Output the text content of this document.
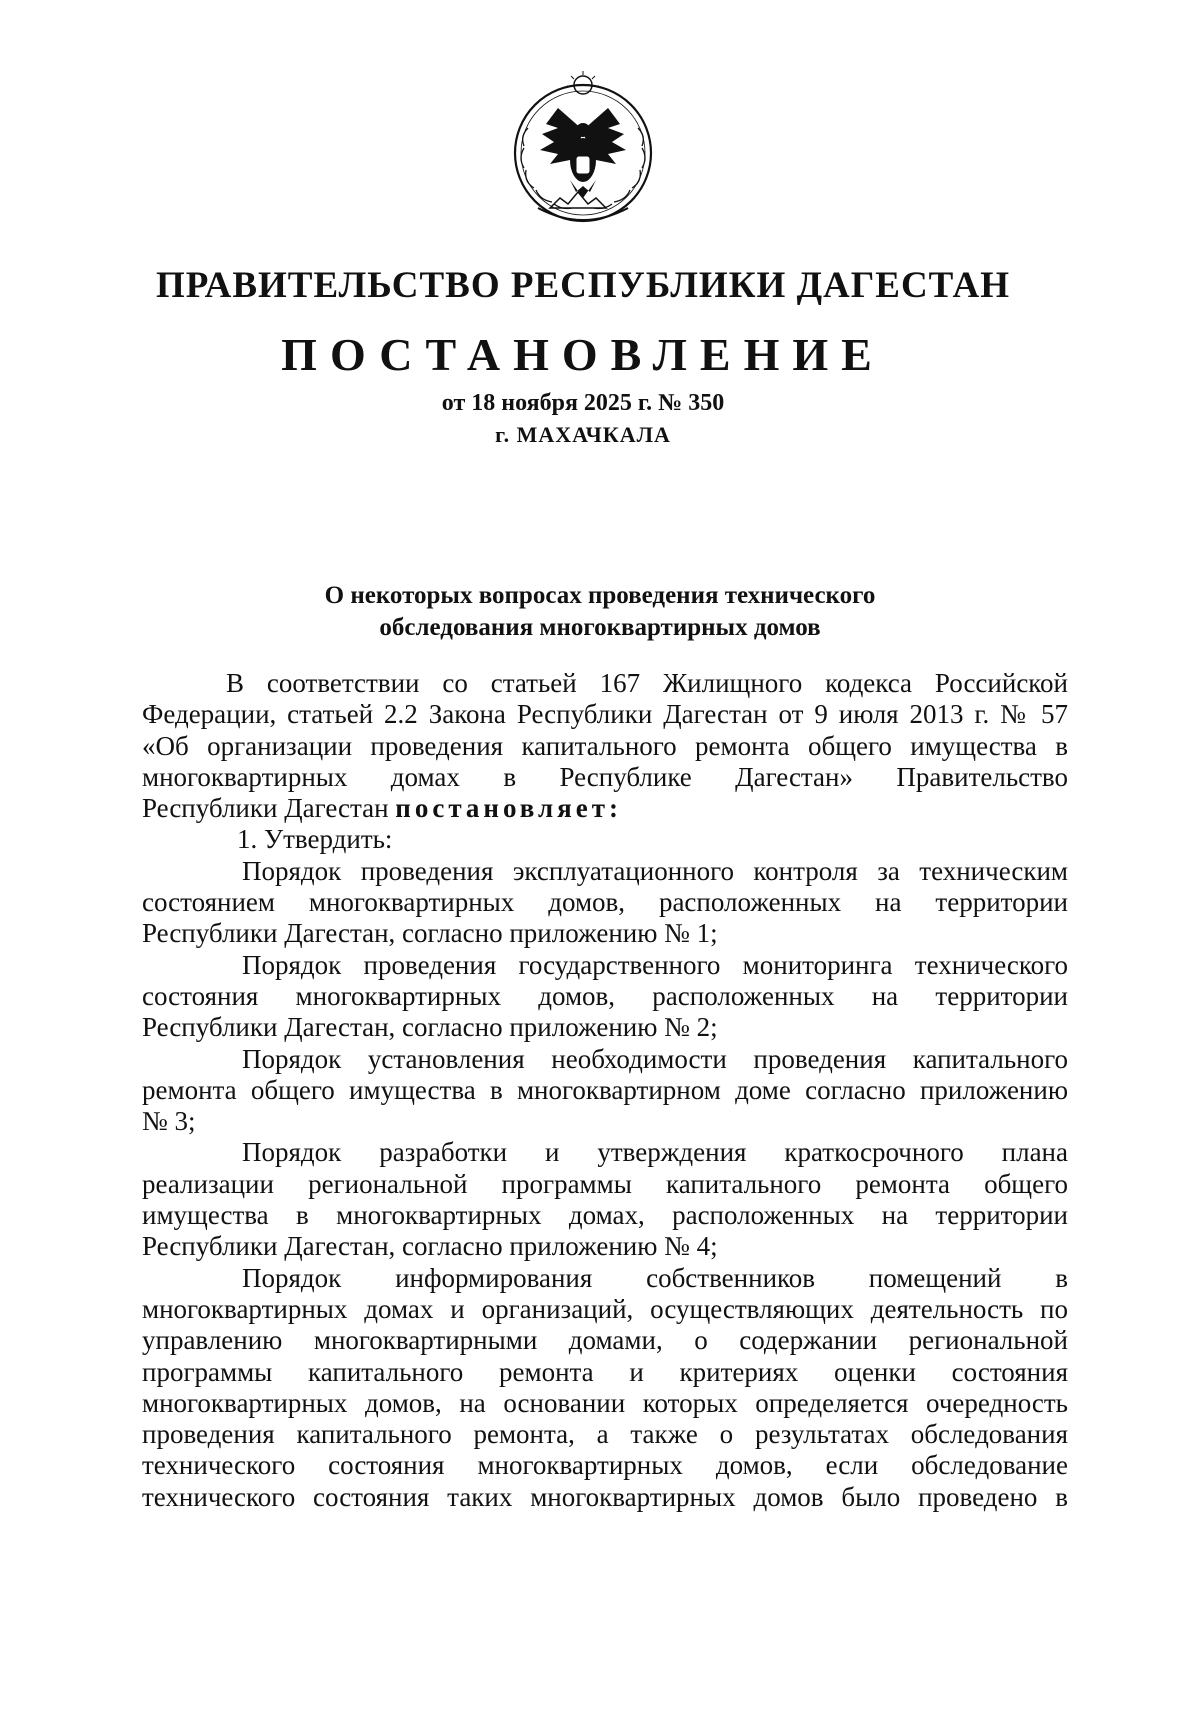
ПРАВИТЕЛЬСТВО РЕСПУБЛИКИ ДАГЕСТАН
ПОСТАНОВЛЕНИЕ
от 18 ноября 2025 г. № 350
г. МАХАЧКАЛА
О некоторых вопросах проведения технического
обследования многоквартирных домов
В соответствии со статьей 167 Жилищного кодекса Российской
Федерации, статьей 2.2 Закона Республики Дагестан от 9 июля 2013 г. № 57
«Об организации проведения капитального ремонта общего имущества в
многоквартирных домах в Республике Дагестан» Правительство
Республики Дагестан постановляет:
1. Утвердить:
Порядок проведения эксплуатационного контроля за техническим
состоянием многоквартирных домов, расположенных на территории
Республики Дагестан, согласно приложению № 1;
Порядок проведения государственного мониторинга технического
состояния многоквартирных домов, расположенных на территории
Республики Дагестан, согласно приложению № 2;
Порядок установления необходимости проведения капитального
ремонта общего имущества в многоквартирном доме согласно приложению
№ 3;
Порядок разработки и утверждения краткосрочного плана
реализации региональной программы капитального ремонта общего
имущества в многоквартирных домах, расположенных на территории
Республики Дагестан, согласно приложению № 4;
Порядок информирования собственников помещений в
многоквартирных домах и организаций, осуществляющих деятельность по
управлению многоквартирными домами, о содержании региональной
программы капитального ремонта и критериях оценки состояния
многоквартирных домов, на основании которых определяется очередность
проведения капитального ремонта, а также о результатах обследования
технического состояния многоквартирных домов, если обследование
технического состояния таких многоквартирных домов было проведено в
